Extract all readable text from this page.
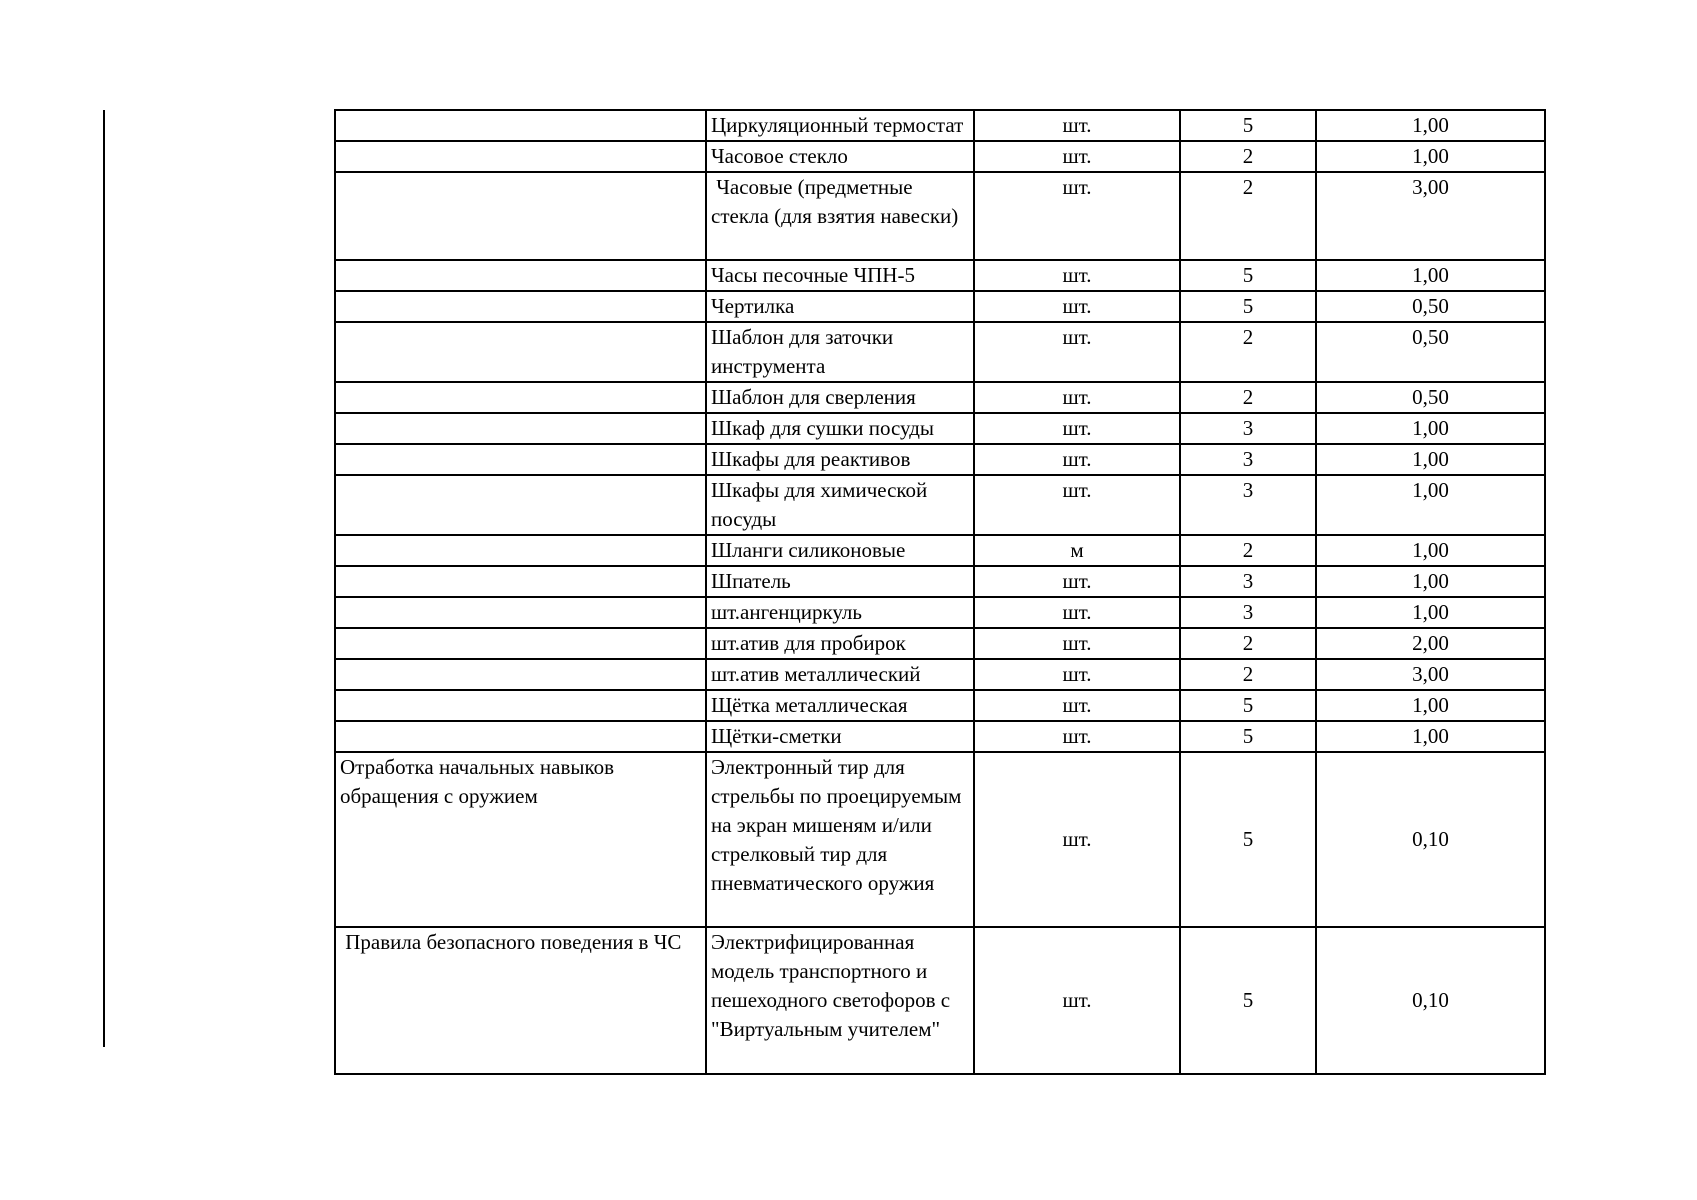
	Циркуляционный термостат	шт.	5	1,00
	Часовое стекло	шт.	2	1,00
	Часовые (предметные стекла (для взятия навески)	шт.	2	3,00
	Часы песочные ЧПН-5	шт.	5	1,00
	Чертилка	шт.	5	0,50
	Шаблон для заточки инструмента	шт.	2	0,50
	Шаблон для сверления	шт.	2	0,50
	Шкаф для сушки посуды	шт.	3	1,00
	Шкафы для реактивов	шт.	3	1,00
	Шкафы для химической посуды	шт.	3	1,00
	Шланги силиконовые	м	2	1,00
	Шпатель	шт.	3	1,00
	шт.ангенциркуль	шт.	3	1,00
	шт.атив для пробирок	шт.	2	2,00
	шт.атив металлический	шт.	2	3,00
	Щётка металлическая	шт.	5	1,00
	Щётки-сметки	шт.	5	1,00
Отработка начальных навыков обращения с оружием	Электронный тир для стрельбы по проецируемым на экран мишеням и/или стрелковый тир для пневматического оружия	шт.	5	0,10
Правила безопасного поведения в ЧС	Электрифицированная модель транспортного и пешеходного светофоров с "Виртуальным учителем"	шт.	5	0,10
